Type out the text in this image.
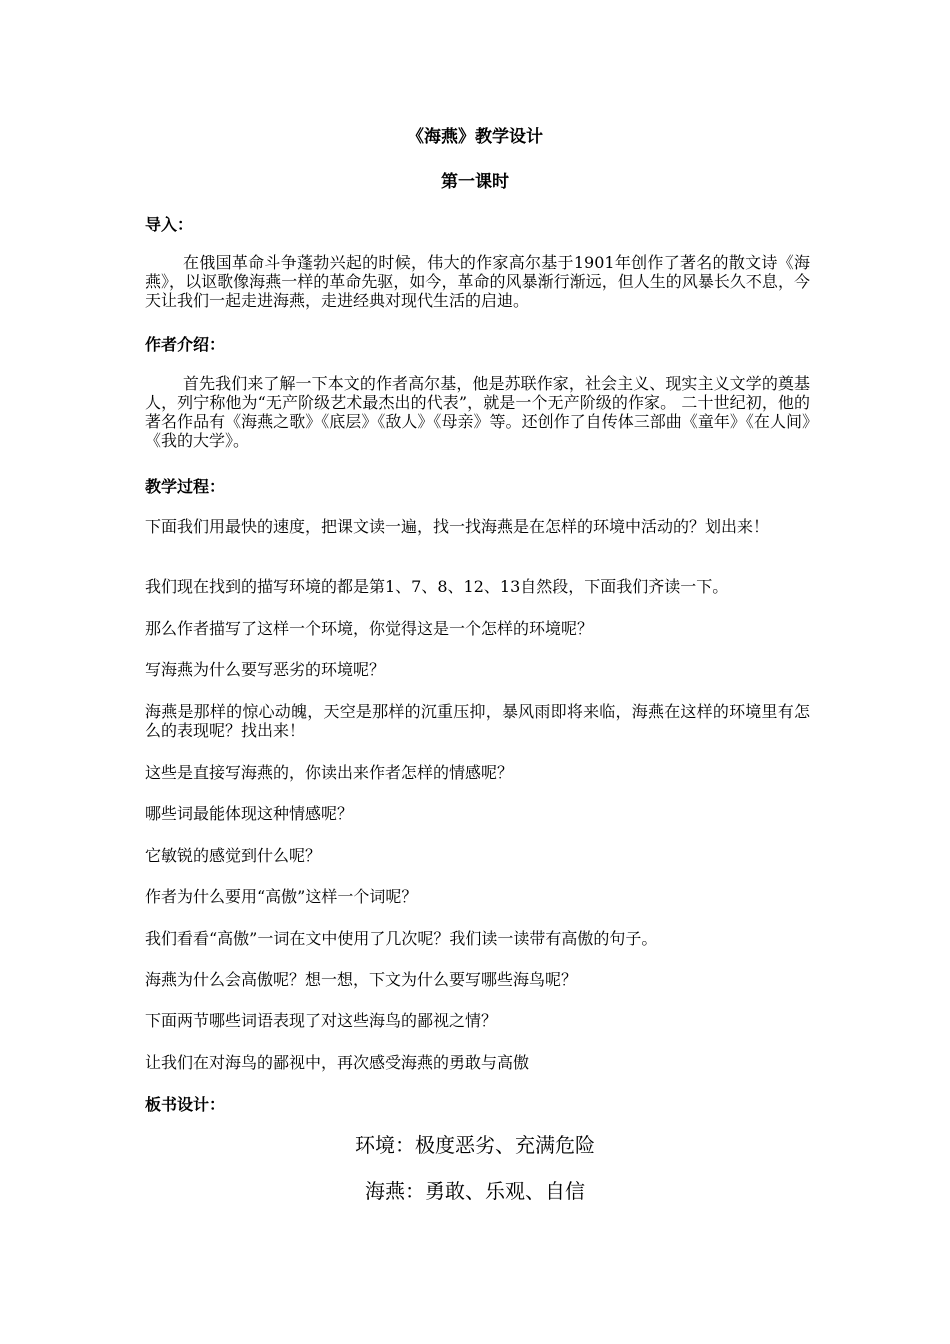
《海燕》教学设计
第一课时
导入：
在俄国革命斗争蓬勃兴起的时候，伟大的作家高尔基于1901年创作了著名的散文诗《海燕》，以讴歌像海燕一样的革命先驱，如今，革命的风暴渐行渐远，但人生的风暴长久不息，今天让我们一起走进海燕，走进经典对现代生活的启迪。
作者介绍：
首先我们来了解一下本文的作者高尔基，他是苏联作家，社会主义、现实主义文学的奠基人，列宁称他为“无产阶级艺术最杰出的代表”，就是一个无产阶级的作家。 二十世纪初，他的著名作品有《海燕之歌》《底层》《敌人》《母亲》等。还创作了自传体三部曲《童年》《在人间》《我的大学》。
教学过程：
下面我们用最快的速度，把课文读一遍，找一找海燕是在怎样的环境中活动的？划出来！
我们现在找到的描写环境的都是第1、7、8、12、13自然段，下面我们齐读一下。
那么作者描写了这样一个环境，你觉得这是一个怎样的环境呢？
写海燕为什么要写恶劣的环境呢？
海燕是那样的惊心动魄，天空是那样的沉重压抑，暴风雨即将来临，海燕在这样的环境里有怎么的表现呢？找出来！
这些是直接写海燕的，你读出来作者怎样的情感呢？
哪些词最能体现这种情感呢？
它敏锐的感觉到什么呢？
作者为什么要用“高傲”这样一个词呢？
我们看看“高傲”一词在文中使用了几次呢？我们读一读带有高傲的句子。
海燕为什么会高傲呢？想一想，下文为什么要写哪些海鸟呢？
下面两节哪些词语表现了对这些海鸟的鄙视之情？
让我们在对海鸟的鄙视中，再次感受海燕的勇敢与高傲
板书设计：
环境：极度恶劣、充满危险
海燕：勇敢、乐观、自信
